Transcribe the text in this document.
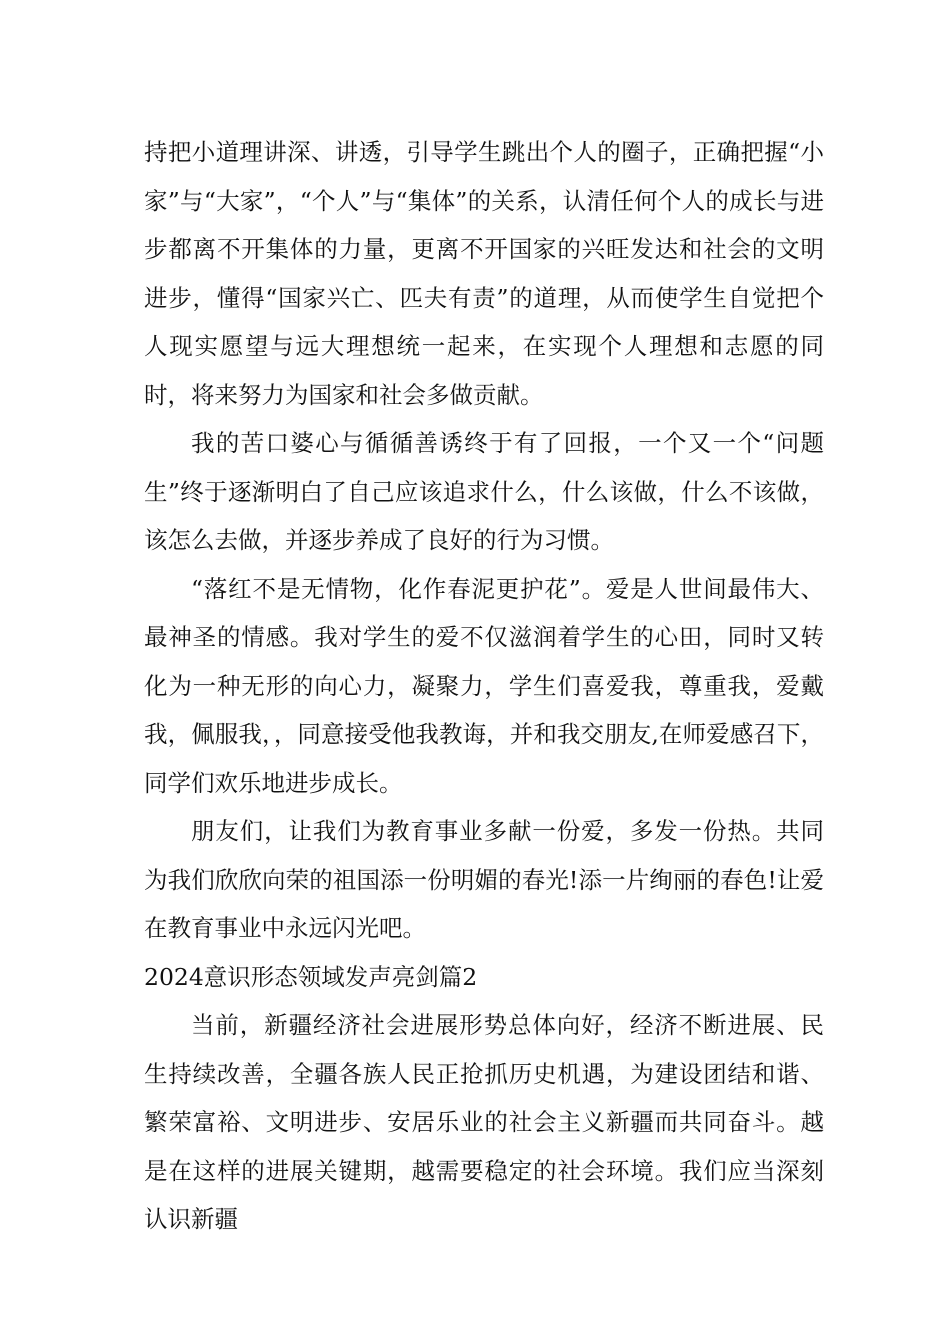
持把小道理讲深、讲透，引导学生跳出个人的圈子，正确把握“小家”与“大家”，“个人”与“集体”的关系，认清任何个人的成长与进步都离不开集体的力量，更离不开国家的兴旺发达和社会的文明进步，懂得“国家兴亡、匹夫有责”的道理，从而使学生自觉把个人现实愿望与远大理想统一起来，在实现个人理想和志愿的同时，将来努力为国家和社会多做贡献。

我的苦口婆心与循循善诱终于有了回报，一个又一个“问题生”终于逐渐明白了自己应该追求什么，什么该做，什么不该做，该怎么去做，并逐步养成了良好的行为习惯。

“落红不是无情物，化作春泥更护花”。爱是人世间最伟大、最神圣的情感。我对学生的爱不仅滋润着学生的心田，同时又转化为一种无形的向心力，凝聚力，学生们喜爱我，尊重我，爱戴我，佩服我，，同意接受他我教诲，并和我交朋友,在师爱感召下，同学们欢乐地进步成长。

朋友们，让我们为教育事业多献一份爱，多发一份热。共同为我们欣欣向荣的祖国添一份明媚的春光!添一片绚丽的春色!让爱在教育事业中永远闪光吧。

2024意识形态领域发声亮剑篇2

当前，新疆经济社会进展形势总体向好，经济不断进展、民生持续改善，全疆各族人民正抢抓历史机遇，为建设团结和谐、繁荣富裕、文明进步、安居乐业的社会主义新疆而共同奋斗。越是在这样的进展关键期，越需要稳定的社会环境。我们应当深刻认识新疆
